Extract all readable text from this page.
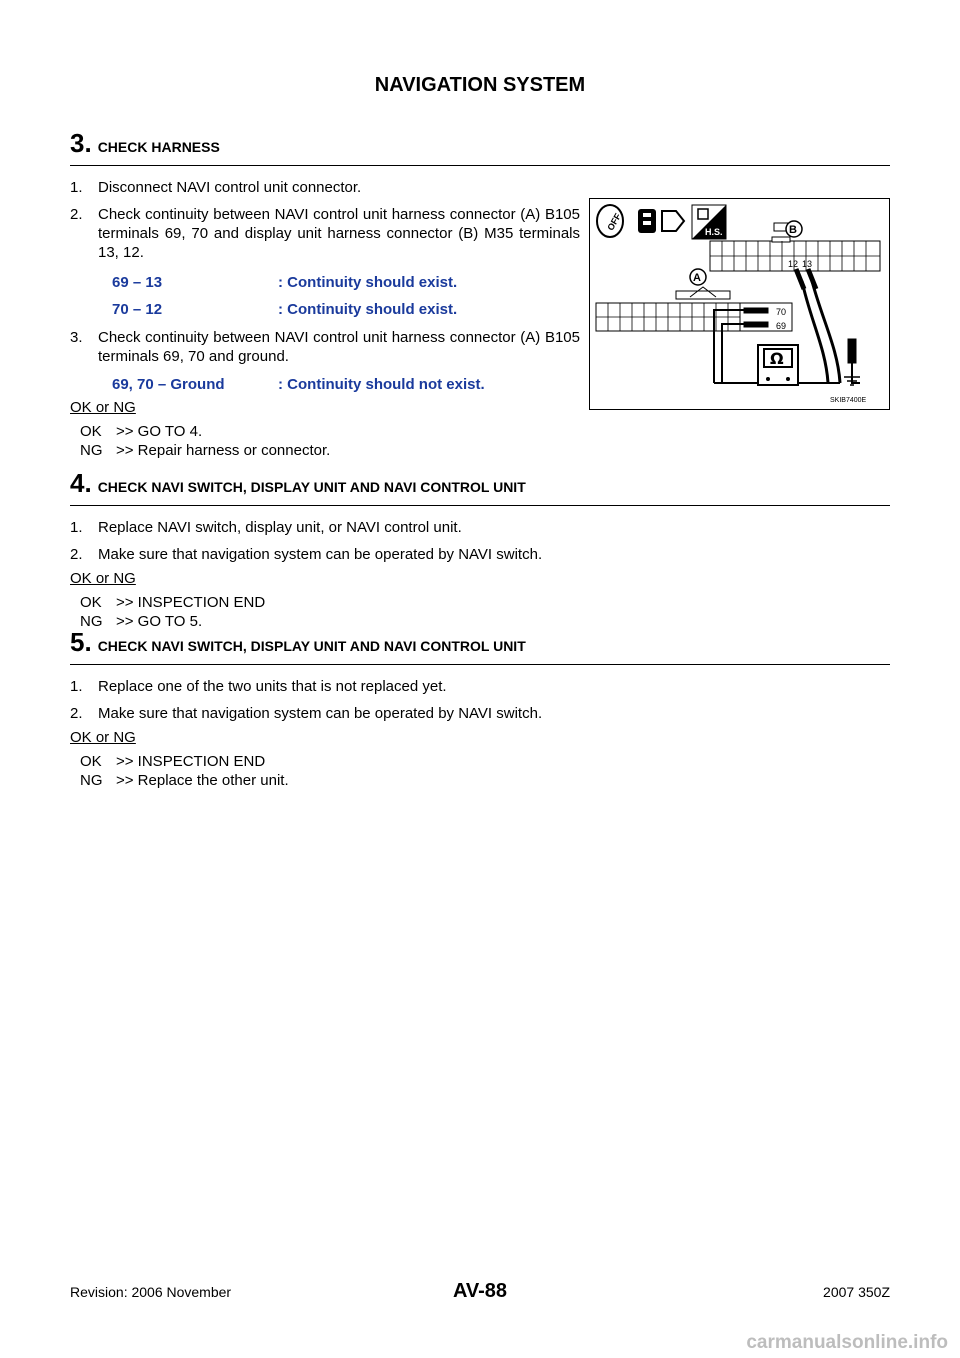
NAVIGATION SYSTEM
3. CHECK HARNESS
1.	Disconnect NAVI control unit connector.
2.	Check continuity between NAVI control unit harness connector (A) B105 terminals 69, 70 and display unit harness connector (B) M35 terminals 13, 12.
69 – 13	: Continuity should exist.
70 – 12	: Continuity should exist.
3.	Check continuity between NAVI control unit harness connector (A) B105 terminals 69, 70 and ground.
69, 70 – Ground	: Continuity should not exist.
OK or NG
OK >> GO TO 4.
NG >> Repair harness or connector.
OFF	H.S.
12 13
B
A
70
69
Ω
SKIB7400E
4. CHECK NAVI SWITCH, DISPLAY UNIT AND NAVI CONTROL UNIT
1.	Replace NAVI switch, display unit, or NAVI control unit.
2.	Make sure that navigation system can be operated by NAVI switch.
OK or NG
OK >> INSPECTION END
NG >> GO TO 5.
5. CHECK NAVI SWITCH, DISPLAY UNIT AND NAVI CONTROL UNIT
1.	Replace one of the two units that is not replaced yet.
2.	Make sure that navigation system can be operated by NAVI switch.
OK or NG
OK >> INSPECTION END
NG >> Replace the other unit.
Revision: 2006 November	AV-88	2007 350Z
carmanualsonline.info
